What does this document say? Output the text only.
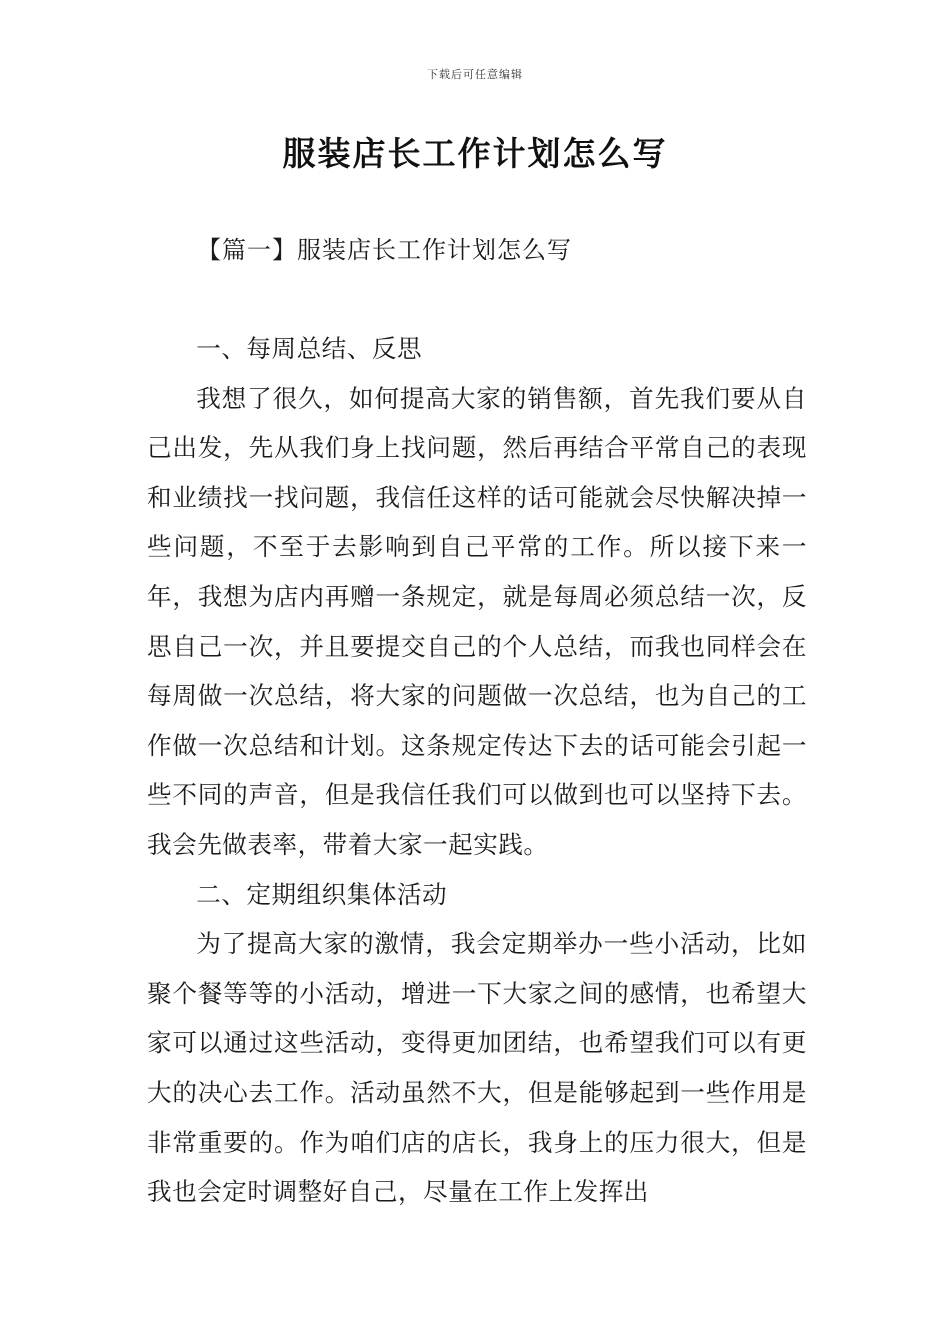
下载后可任意编辑
服装店长工作计划怎么写
【篇一】服装店长工作计划怎么写

一、每周总结、反思

我想了很久，如何提高大家的销售额，首先我们要从自己出发，先从我们身上找问题，然后再结合平常自己的表现和业绩找一找问题，我信任这样的话可能就会尽快解决掉一些问题，不至于去影响到自己平常的工作。所以接下来一年，我想为店内再赠一条规定，就是每周必须总结一次，反思自己一次，并且要提交自己的个人总结，而我也同样会在每周做一次总结，将大家的问题做一次总结，也为自己的工作做一次总结和计划。这条规定传达下去的话可能会引起一些不同的声音，但是我信任我们可以做到也可以坚持下去。我会先做表率，带着大家一起实践。

二、定期组织集体活动

为了提高大家的激情，我会定期举办一些小活动，比如聚个餐等等的小活动，增进一下大家之间的感情，也希望大家可以通过这些活动，变得更加团结，也希望我们可以有更大的决心去工作。活动虽然不大，但是能够起到一些作用是非常重要的。作为咱们店的店长，我身上的压力很大，但是我也会定时调整好自己，尽量在工作上发挥出
